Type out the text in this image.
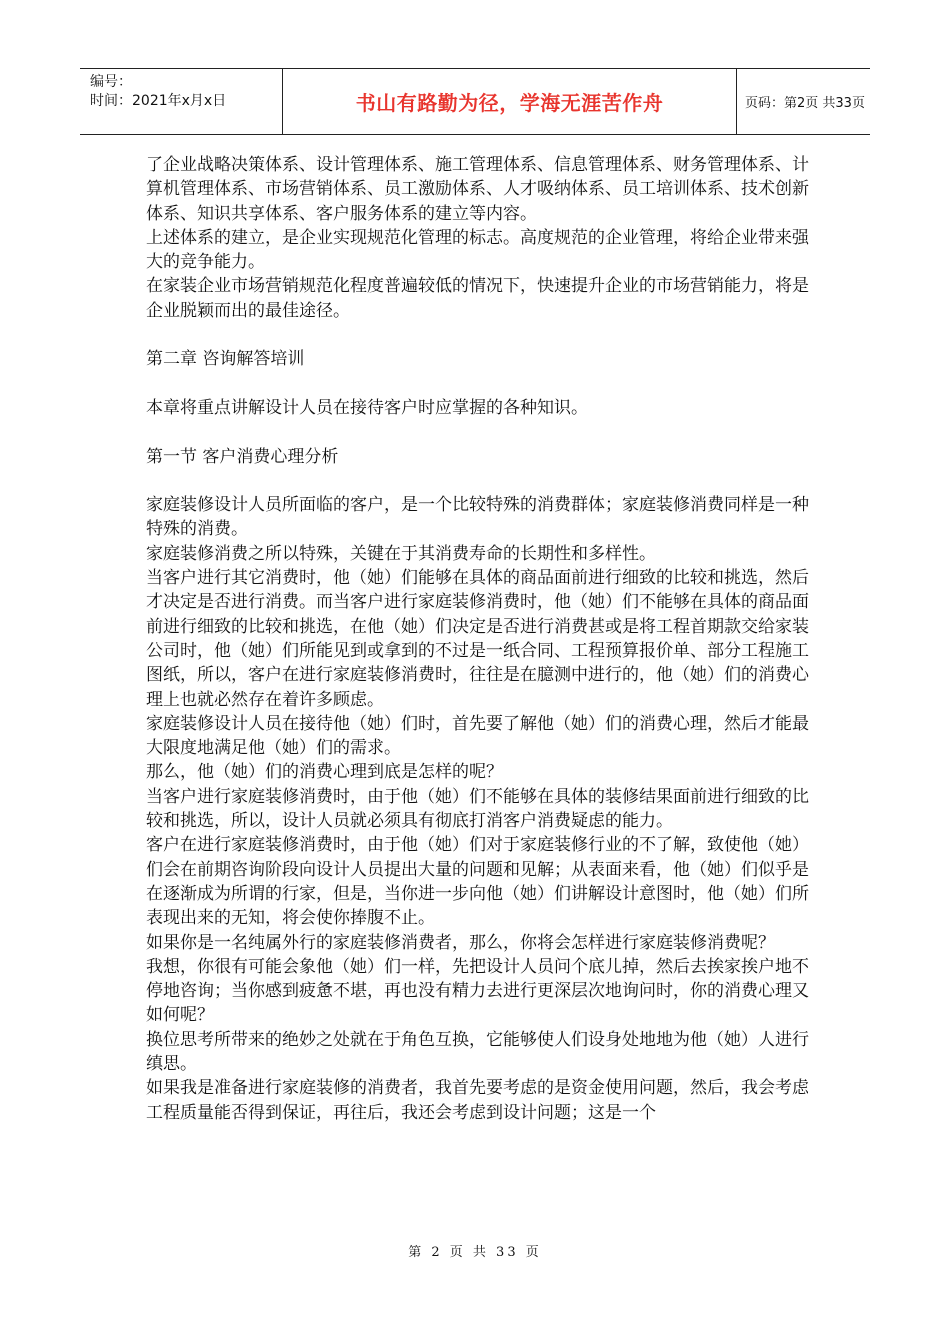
编号：
时间：2021年x月x日	书山有路勤为径，学海无涯苦作舟	页码：第2页 共33页

了企业战略决策体系、设计管理体系、施工管理体系、信息管理体系、财务管理体系、计算机管理体系、市场营销体系、员工激励体系、人才吸纳体系、员工培训体系、技术创新体系、知识共享体系、客户服务体系的建立等内容。

上述体系的建立，是企业实现规范化管理的标志。高度规范的企业管理，将给企业带来强大的竞争能力。

在家装企业市场营销规范化程度普遍较低的情况下，快速提升企业的市场营销能力，将是企业脱颖而出的最佳途径。

第二章 咨询解答培训

本章将重点讲解设计人员在接待客户时应掌握的各种知识。

第一节 客户消费心理分析

家庭装修设计人员所面临的客户，是一个比较特殊的消费群体；家庭装修消费同样是一种特殊的消费。

家庭装修消费之所以特殊，关键在于其消费寿命的长期性和多样性。

当客户进行其它消费时，他（她）们能够在具体的商品面前进行细致的比较和挑选，然后才决定是否进行消费。而当客户进行家庭装修消费时，他（她）们不能够在具体的商品面前进行细致的比较和挑选，在他（她）们决定是否进行消费甚或是将工程首期款交给家装公司时，他（她）们所能见到或拿到的不过是一纸合同、工程预算报价单、部分工程施工图纸，所以，客户在进行家庭装修消费时，往往是在臆测中进行的，他（她）们的消费心理上也就必然存在着许多顾虑。

家庭装修设计人员在接待他（她）们时，首先要了解他（她）们的消费心理，然后才能最大限度地满足他（她）们的需求。

那么，他（她）们的消费心理到底是怎样的呢？

当客户进行家庭装修消费时，由于他（她）们不能够在具体的装修结果面前进行细致的比较和挑选，所以，设计人员就必须具有彻底打消客户消费疑虑的能力。

客户在进行家庭装修消费时，由于他（她）们对于家庭装修行业的不了解，致使他（她）们会在前期咨询阶段向设计人员提出大量的问题和见解；从表面来看，他（她）们似乎是在逐渐成为所谓的行家，但是，当你进一步向他（她）们讲解设计意图时，他（她）们所表现出来的无知，将会使你捧腹不止。

如果你是一名纯属外行的家庭装修消费者，那么，你将会怎样进行家庭装修消费呢？

我想，你很有可能会象他（她）们一样，先把设计人员问个底儿掉，然后去挨家挨户地不停地咨询；当你感到疲惫不堪，再也没有精力去进行更深层次地询问时，你的消费心理又如何呢？

换位思考所带来的绝妙之处就在于角色互换，它能够使人们设身处地地为他（她）人进行缜思。

如果我是准备进行家庭装修的消费者，我首先要考虑的是资金使用问题，然后，我会考虑工程质量能否得到保证，再往后，我还会考虑到设计问题；这是一个

第 2 页 共 33 页
